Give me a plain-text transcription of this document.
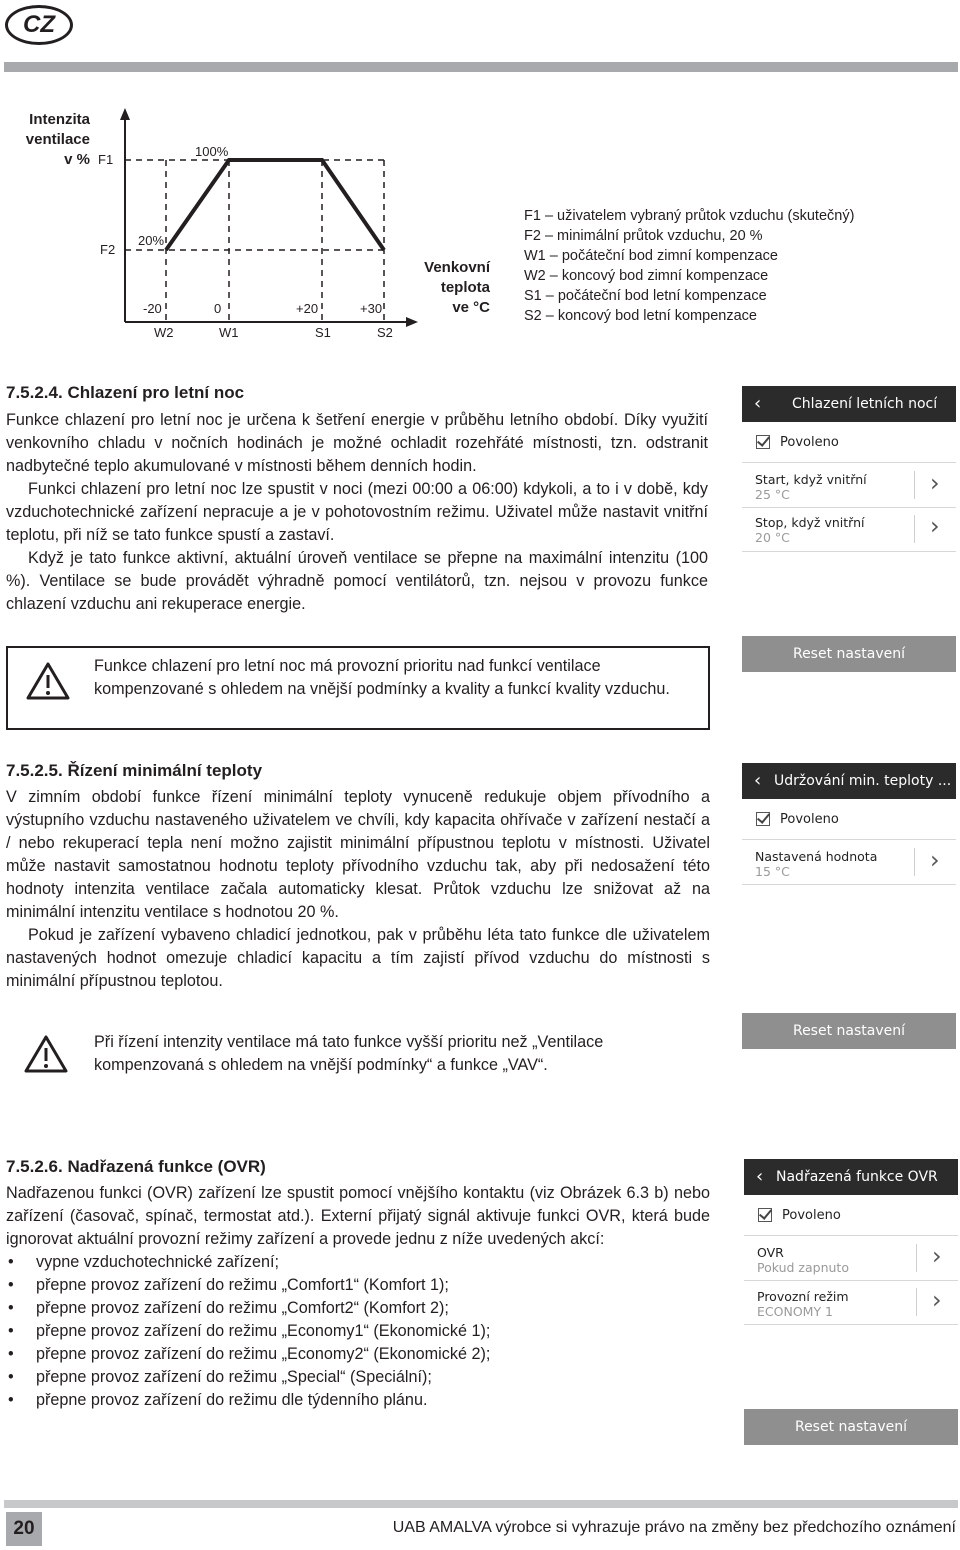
CZ
Intenzita
ventilace
v % F1
F2
100%
20%
-20	0	+20	+30
W2	W1	S1	S2
Venkovní
teplota
ve °C
F1 – uživatelem vybraný průtok vzduchu (skutečný)
F2 – minimální průtok vzduchu, 20 %
W1 – počáteční bod zimní kompenzace
W2 – koncový bod zimní kompenzace
S1 – počáteční bod letní kompenzace
S2 – koncový bod letní kompenzace
7.5.2.4. Chlazení pro letní noc

Funkce chlazení pro letní noc je určena k šetření energie v průběhu letního období. Díky využití venkovního chladu v nočních hodinách je možné ochladit rozehřáté místnosti, tzn. odstranit nadbytečné teplo akumulované v místnosti během denních hodin.

Funkci chlazení pro letní noc lze spustit v noci (mezi 00:00 a 06:00) kdykoli, a to i v době, kdy vzduchotechnické zařízení nepracuje a je v pohotovostním režimu. Uživatel může nastavit vnitřní teplotu, při níž se tato funkce spustí a zastaví.

Když je tato funkce aktivní, aktuální úroveň ventilace se přepne na maximální intenzitu (100 %). Ventilace se bude provádět výhradně pomocí ventilátorů, tzn. nejsou v provozu funkce chlazení vzduchu ani rekuperace energie.

Funkce chlazení pro letní noc má provozní prioritu nad funkcí ventilace kompenzované s ohledem na vnější podmínky a kvality a funkcí kvality vzduchu.
‹ Chlazení letních nocí
Povoleno
Start, když vnitřní
25 °C	›
Stop, když vnitřní
20 °C	›
Reset nastavení
7.5.2.5. Řízení minimální teploty

V zimním období funkce řízení minimální teploty vynuceně redukuje objem přívodního a výstupního vzduchu nastaveného uživatelem ve chvíli, kdy kapacita ohřívače v zařízení nestačí a / nebo rekuperací tepla není možno zajistit minimální přípustnou teplotu v místnosti. Uživatel může nastavit samostatnou hodnotu teploty přívodního vzduchu tak, aby při nedosažení této hodnoty intenzita ventilace začala automaticky klesat. Průtok vzduchu lze snižovat až na minimální intenzitu ventilace s hodnotou 20 %.

Pokud je zařízení vybaveno chladicí jednotkou, pak v průběhu léta tato funkce dle uživatelem nastavených hodnot omezuje chladicí kapacitu a tím zajistí přívod vzduchu do místnosti s minimální přípustnou teplotou.

Při řízení intenzity ventilace má tato funkce vyšší prioritu než „Ventilace kompenzovaná s ohledem na vnější podmínky“ a funkce „VAV“.
‹ Udržování min. teploty ...
Povoleno
Nastavená hodnota
15 °C	›
Reset nastavení
7.5.2.6. Nadřazená funkce (OVR)

Nadřazenou funkci (OVR) zařízení lze spustit pomocí vnějšího kontaktu (viz Obrázek 6.3 b) nebo zařízení (časovač, spínač, termostat atd.). Externí přijatý signál aktivuje funkci OVR, která bude ignorovat aktuální provozní režimy zařízení a provede jednu z níže uvedených akcí:

• vypne vzduchotechnické zařízení;
• přepne provoz zařízení do režimu „Comfort1“ (Komfort 1);
• přepne provoz zařízení do režimu „Comfort2“ (Komfort 2);
• přepne provoz zařízení do režimu „Economy1“ (Ekonomické 1);
• přepne provoz zařízení do režimu „Economy2“ (Ekonomické 2);
• přepne provoz zařízení do režimu „Special“ (Speciální);
• přepne provoz zařízení do režimu dle týdenního plánu.
‹ Nadřazená funkce OVR
Povoleno
OVR
Pokud zapnuto	›
Provozní režim
ECONOMY 1	›
Reset nastavení
20	UAB AMALVA výrobce si vyhrazuje právo na změny bez předchozího oznámení
